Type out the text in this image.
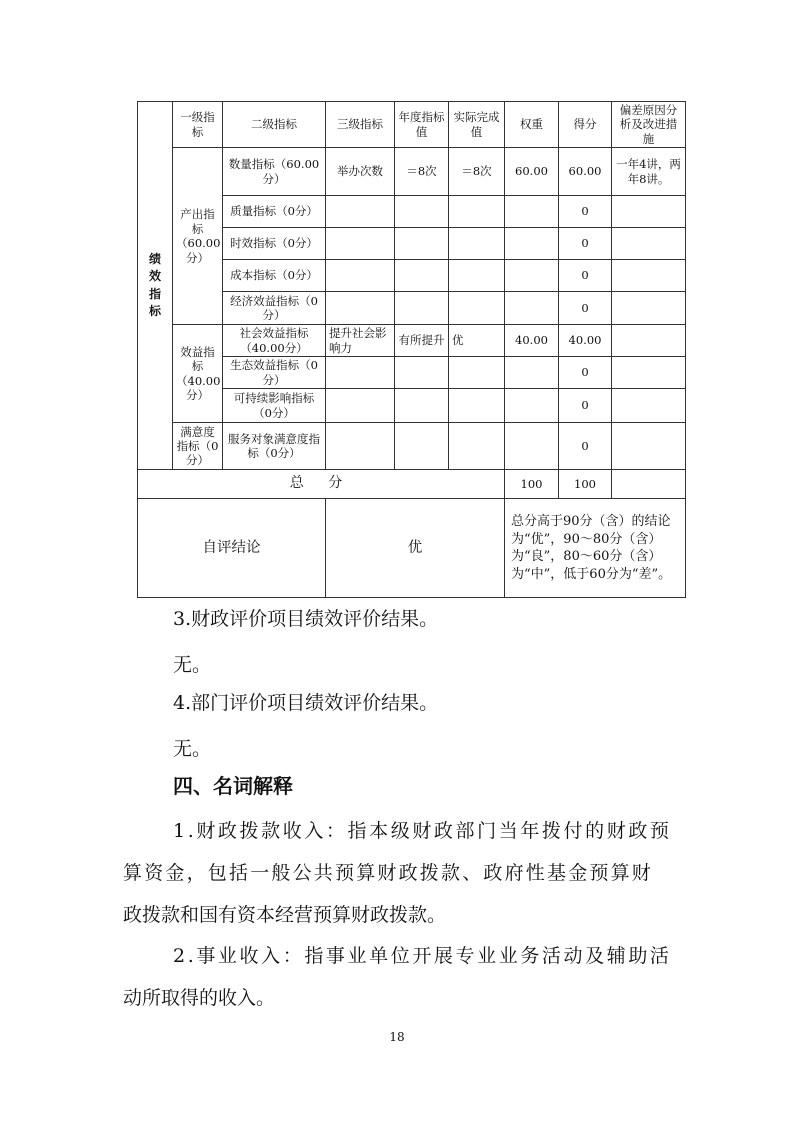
绩效指标	一级指标	二级指标	三级指标	年度指标值	实际完成值	权重	得分	偏差原因分析及改进措施
	产出指标（60.00分）	数量指标（60.00分）	举办次数	＝8次	＝8次	60.00	60.00	一年4讲，两年8讲。
		质量指标（0分）					0	
		时效指标（0分）					0	
		成本指标（0分）					0	
		经济效益指标（0分）					0	
	效益指标（40.00分）	社会效益指标（40.00分）	提升社会影响力	有所提升	优	40.00	40.00	
		生态效益指标（0分）					0	
		可持续影响指标（0分）					0	
	满意度指标（0分）	服务对象满意度指标（0分）					0	
总 分						100	100	
自评结论			优			总分高于90分（含）的结论为“优”，90～80分（含）为“良”，80～60分（含）为“中”，低于60分为“差”。		
3.财政评价项目绩效评价结果。
无。
4.部门评价项目绩效评价结果。
无。
四、名词解释
1.财政拨款收入：指本级财政部门当年拨付的财政预
算资金，包括一般公共预算财政拨款、政府性基金预算财
政拨款和国有资本经营预算财政拨款。
2.事业收入：指事业单位开展专业业务活动及辅助活
动所取得的收入。
18
